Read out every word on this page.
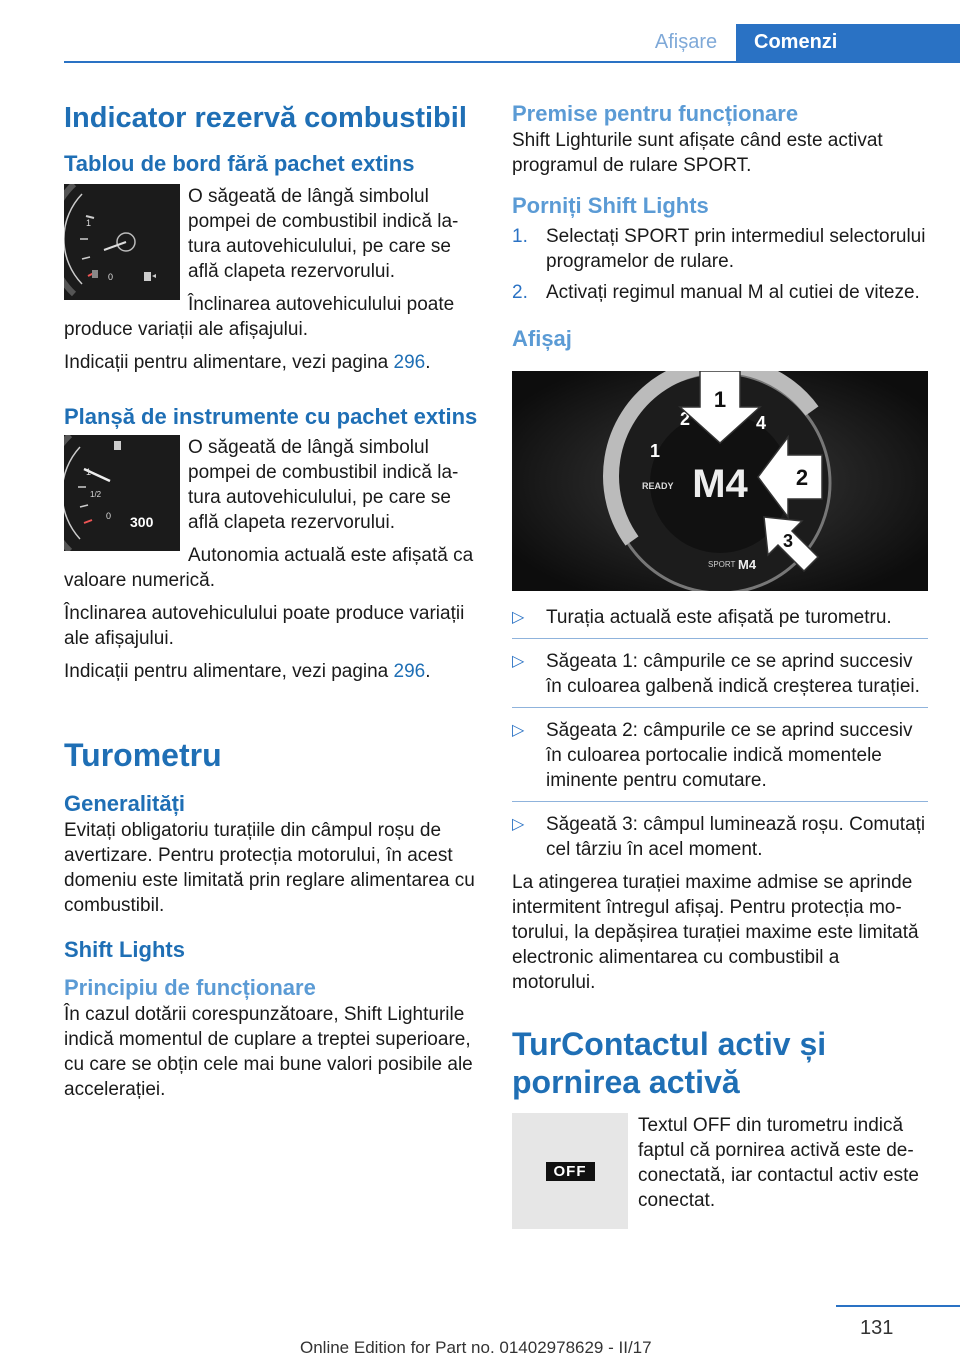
Afișare	Comenzi
Indicator rezervă combustibil
Tablou de bord fără pachet extins
1
0

O săgeată de lângă simbolul pompei de combustibil indică latura autovehiculului, pe care se află clapeta rezervorului.

Înclinarea autovehiculului poate produce variații ale afișajului.

Indicații pentru alimentare, vezi pagina 296.

Planșă de instrumente cu pachet extins
1
1/2
0 300

O săgeată de lângă simbolul pompei de combustibil indică latura autovehiculului, pe care se află clapeta rezervorului.

Autonomia actuală este afișată ca valoare numerică.

Înclinarea autovehiculului poate produce variații ale afișajului.

Indicații pentru alimentare, vezi pagina 296.

Turometru
Generalități

Evitați obligatoriu turațiile din câmpul roșu de avertizare. Pentru protecția motorului, în acest domeniu este limitată prin reglare alimentarea cu combustibil.

Shift Lights
Principiu de funcționare

În cazul dotării corespunzătoare, Shift Lighturile indică momentul de cuplare a treptei superioare, cu care se obțin cele mai bune valori posibile ale accelerației.

Premise pentru funcționare

Shift Lighturile sunt afișate când este activat programul de rulare SPORT.

Porniți Shift Lights
1. Selectați SPORT prin intermediul selectorului programelor de rulare.
2. Activați regimul manual M al cutiei de viteze.
Afișaj
M4
READY
SPORT M4
1
2	4
1
2
3
▷ Turația actuală este afișată pe turometru.
▷ Săgeata 1: câmpurile ce se aprind succesiv în culoarea galbenă indică creșterea turației.
▷ Săgeata 2: câmpurile ce se aprind succesiv în culoarea portocalie indică momentele iminente pentru comutare.
▷ Săgeată 3: câmpul luminează roșu. Comutați cel târziu în acel moment.

La atingerea turației maxime admise se aprinde intermitent întregul afișaj. Pentru protecția motorului, la depășirea turației maxime este limitată electronic alimentarea cu combustibil a motorului.

TurContactul activ și pornirea activă
OFF

Textul OFF din turometru indică faptul că pornirea activă este deconectată, iar contactul activ este conectat.

131
Online Edition for Part no. 01402978629 - II/17
